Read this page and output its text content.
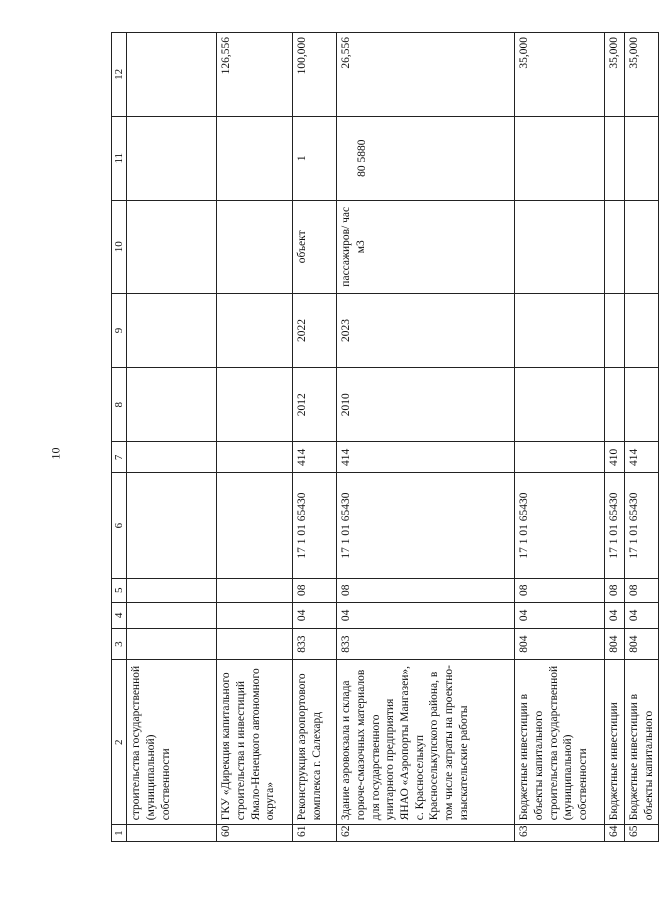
10
1	2	3	4	5	6	7	8	9	10	11	12
	строительства государственной (муниципальной) собственности										
60	ГКУ «Дирекция капитального строительства и инвестиций Ямало-Ненецкого автономного округа»										126,556
61	Реконструкция аэропортового комплекса г. Салехард	833	04	08	17 1 01 65430	414	2012	2022	объект	1	100,000
62	Здание аэровокзала и склада горюче-смазочных материалов для государственного унитарного предприятия ЯНАО «Аэропорты Мангазеи», с. Красноселькуп Красноселькупского района, в том числе затраты на проектно-изыскательские работы	833	04	08	17 1 01 65430	414	2010	2023	пассажиров/ час м3	80 5880	26,556
63	Бюджетные инвестиции в объекты капитального строительства государственной (муниципальной) собственности	804	04	08	17 1 01 65430						35,000
64	Бюджетные инвестиции	804	04	08	17 1 01 65430	410					35,000
65	Бюджетные инвестиции в объекты капитального	804	04	08	17 1 01 65430	414					35,000
